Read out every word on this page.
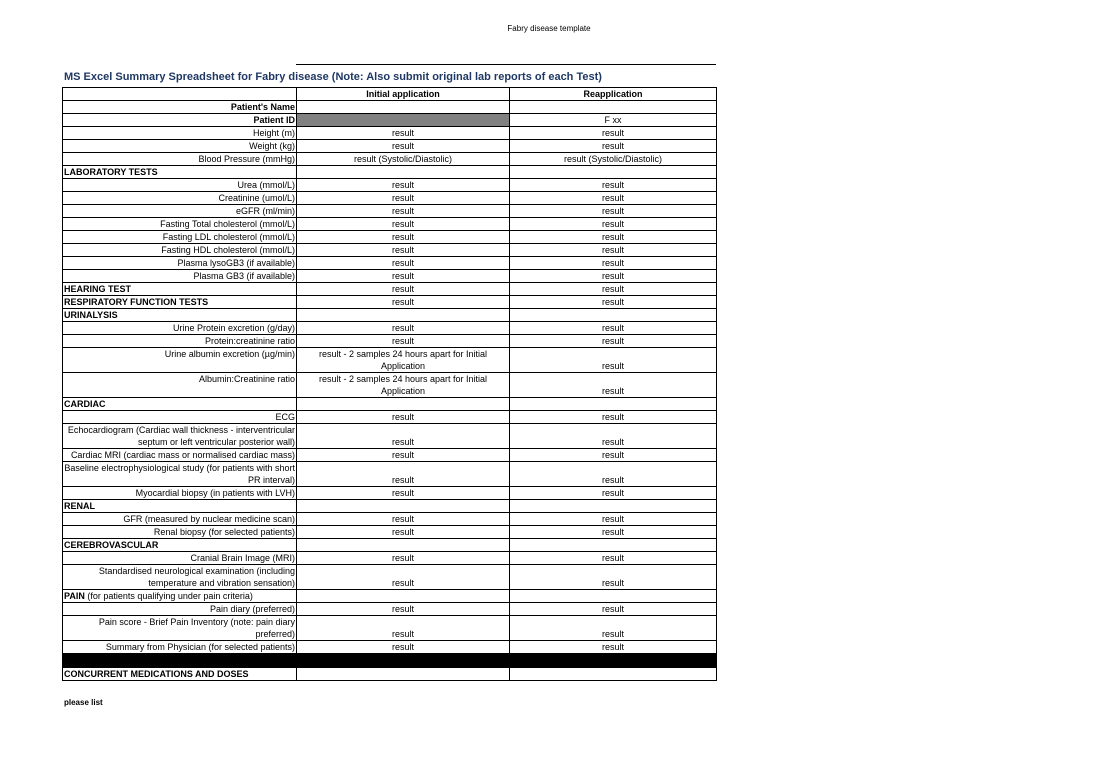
Fabry disease template
MS Excel Summary Spreadsheet for Fabry disease (Note: Also submit original lab reports of each Test)
	Initial application	Reapplication
Patient's Name		
Patient ID		F xx
Height (m)	result	result
Weight (kg)	result	result
Blood Pressure (mmHg)	result (Systolic/Diastolic)	result (Systolic/Diastolic)
LABORATORY TESTS		
Urea (mmol/L)	result	result
Creatinine (umol/L)	result	result
eGFR (ml/min)	result	result
Fasting Total cholesterol (mmol/L)	result	result
Fasting LDL cholesterol (mmol/L)	result	result
Fasting HDL cholesterol (mmol/L)	result	result
Plasma lysoGB3 (if available)	result	result
Plasma GB3 (if available)	result	result
HEARING TEST	result	result
RESPIRATORY FUNCTION TESTS	result	result
URINALYSIS		
Urine Protein excretion (g/day)	result	result
Protein:creatinine ratio	result	result
Urine albumin excretion (µg/min)	result - 2 samples 24 hours apart for Initial Application	result
Albumin:Creatinine ratio	result - 2 samples 24 hours apart for Initial Application	result
CARDIAC		
ECG	result	result
Echocardiogram (Cardiac wall thickness - interventricular septum or left ventricular posterior wall)	result	result
Cardiac MRI (cardiac mass or normalised cardiac mass)	result	result
Baseline electrophysiological study (for patients with short PR interval)	result	result
Myocardial biopsy (in patients with LVH)	result	result
RENAL		
GFR (measured by nuclear medicine scan)	result	result
Renal biopsy (for selected patients)	result	result
CEREBROVASCULAR		
Cranial Brain Image (MRI)	result	result
Standardised neurological examination (including temperature and vibration sensation)	result	result
PAIN (for patients qualifying under pain criteria)		
Pain diary (preferred)	result	result
Pain score - Brief Pain Inventory (note: pain diary preferred)	result	result
Summary from Physician (for selected patients)	result	result

CONCURRENT MEDICATIONS AND DOSES		
please list
